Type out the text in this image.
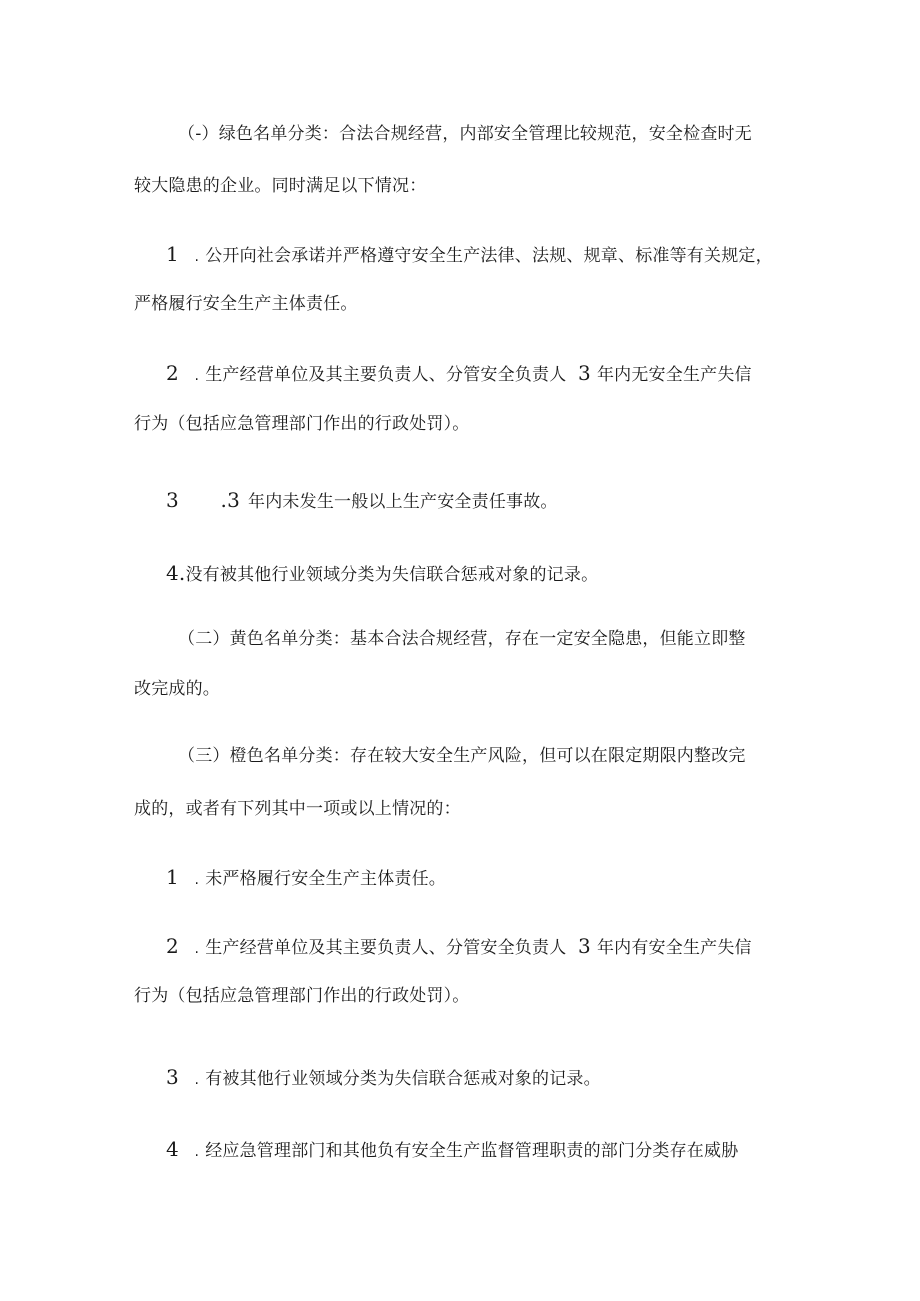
（-）绿色名单分类：合法合规经营，内部安全管理比较规范，安全检查时无
较大隐患的企业。同时满足以下情况：
1 . 公开向社会承诺并严格遵守安全生产法律、法规、规章、标准等有关规定，
严格履行安全生产主体责任。
2 . 生产经营单位及其主要负责人、分管安全负责人 3 年内无安全生产失信
行为（包括应急管理部门作出的行政处罚）。
3 .3 年内未发生一般以上生产安全责任事故。
4.没有被其他行业领域分类为失信联合惩戒对象的记录。
（二）黄色名单分类：基本合法合规经营，存在一定安全隐患，但能立即整
改完成的。
（三）橙色名单分类：存在较大安全生产风险，但可以在限定期限内整改完
成的，或者有下列其中一项或以上情况的：
1 . 未严格履行安全生产主体责任。
2 . 生产经营单位及其主要负责人、分管安全负责人 3 年内有安全生产失信
行为（包括应急管理部门作出的行政处罚）。
3 . 有被其他行业领域分类为失信联合惩戒对象的记录。
4 . 经应急管理部门和其他负有安全生产监督管理职责的部门分类存在威胁
